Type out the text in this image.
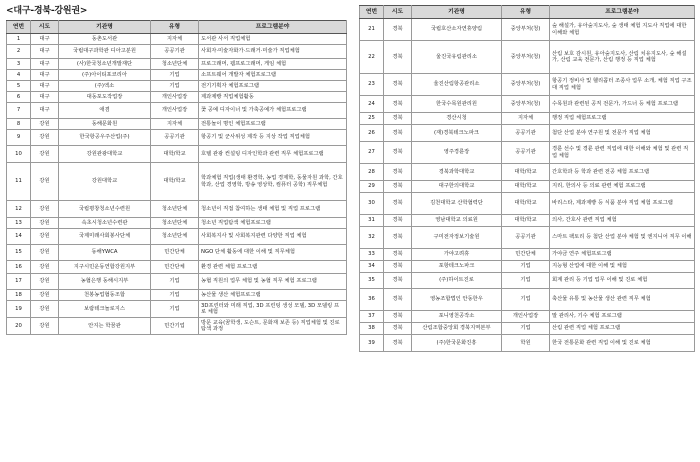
<대구-경북-강원권>
연번	시도	기관명	유형	프로그램분야
1	대구	동촌도서관	지자체	도서관 사서 직업체험
2	대구	국립대구과학관 디아고분원	공공기관	사회자·미술자화가·드래거·미술가 직업체험
3	대구	(사)한국청소년개발재단	청소년단체	프로그래머, 웹프로그래머, 게임 체험
4	대구	(주)아이티포코리아	기업	소프트웨어 개발자 체험프로그램
5	대구	(주)엑소	기업	전기기획자 체험프로그램
6	대구	대동포도작업장	개인사업장	제과제빵 직업체험활동
7	대구	애겸	개인사업장	꽃 공예 디자이너 및 가축공예가 체험프로그램
8	강원	동해문화원	지자체	전통놀이 명인 체험프로그램
9	강원	한국항공우주산업(주)	공공기관	항공기 및 군사위성 제작 등 지상 작업 직업체험
10	강원	강원관광대학교	대학/학교	호텔 관광 컨설팅 디자인학과 관련 직무 체험프로그램
11	강원	강원대학교	대학/학교	학과체험 직업(생태 환경학, 농업 경제학, 동물자원 과학, 간호학과, 산업 경영학, 방송 영상학, 컴퓨터 공학) 직무체험
12	강원	국립평창청소년수련원	청소년단체	청소년이 직접 참여하는 생태 체험 및 직업 프로그램
13	강원	속초시청소년수련관	청소년단체	청소년 직업탐색 체험프로그램
14	강원	국제미래사회봉사단체	청소년단체	사회복지사 및 사회복지관련 다양한 직업 체험
15	강원	동해YWCA	민간단체	NGO 단체 활동에 대한 이해 및 직무체험
16	강원	지구시민운동연합강원지부	민간단체	환경 관련 체험 프로그램
17	강원	농협은행 동해시지부	기업	농협 직원의 업무 체험 및 농협 직무 체험 프로그램
18	강원	천봉농업협동조합	기업	농산물 생산 체험프로그램
19	강원	보람테크놀로지스	기업	3D프린터와 미래 직업, 3D 프린팅 생성 모델, 3D 모델링 프로 체험
20	강원	안지는 학꿈관	민간기업	방문 교육(꿈학생, 도슨트, 문화재 보존 등) 직업체험 및 진로탐색 과정
연번	시도	기관명	유형	프로그램분야
21	경북	국립호산소자연휴양림	중앙부처(청)	숲 해설가, 유아숲지도사, 숲 생태 체험 지도사 직업에 대한 이해와 체험
22	경북	울진국유림관리소	중앙부처(청)	산림 보호 감시원, 유아숲지도사, 산림 치유지도사, 숲 해설가, 산림 교육 전문가, 산림 행정 등 직업 체험
23	경북	울진산림항공관리소	중앙부처(청)	항공기 정비사 및 헬리콥터 조종사 업무 소개, 체험 직업 구조대 직업 체험
24	경북	한국수목원관리원	중앙부처(청)	수목원과 관련된 공직 전문가, 가드너 등 체험 프로그램
25	경북	경산시청	지자체	행정 직업 체험프로그램
26	경북	(재)경북테크노파크	공공기관	첨단 산업 분야 연구원 및 전문가 직업 체험
27	경북	영주경륜장	공공기관	경륜 선수 및 경륜 관련 직업에 대한 이해와 체험 및 관련 직업 체험
28	경북	경북과학대학교	대학/학교	간호학과 등 학과 관련 전공 체험 프로그램
29	경북	대구한의대학교	대학/학교	지리, 한의사 등 의료 관련 체험 프로그램
30	경북	김천대학교 산학협력단	대학/학교	바리스타, 제과제빵 등 식품 분야 직업 체험 프로그램
31	경북	영남대학교 의료원	대학/학교	의사, 간호사 관련 직업 체험
32	경북	구미전자정보기술원	공공기관	스마트 팩토리 등 첨단 산업 분야 체험 및 엔지니어 직무 이해
33	경북	가야고려휴	민간단체	가야금 연주 체험프로그램
34	경북	포항테크노파크	기업	지능형 산업에 대한 이해 및 체험
35	경북	(주)하이트진로	기업	회계 관리 등 기업 업무 이해 및 진로 체험
36	경북	영농조합법인 안동한우	기업	축산물 유통 및 농산물 생산 관련 직무 체험
37	경북	포니영천공작소	개인사업장	말 관리사, 기수 체험 프로그램
38	경북	산림조합중앙회 경북지역본부	기업	산림 관련 직업 체험 프로그램
39	경북	(주)한국문화진흥	학원	한국 전통문화 관련 직업 이해 및 진로 체험
